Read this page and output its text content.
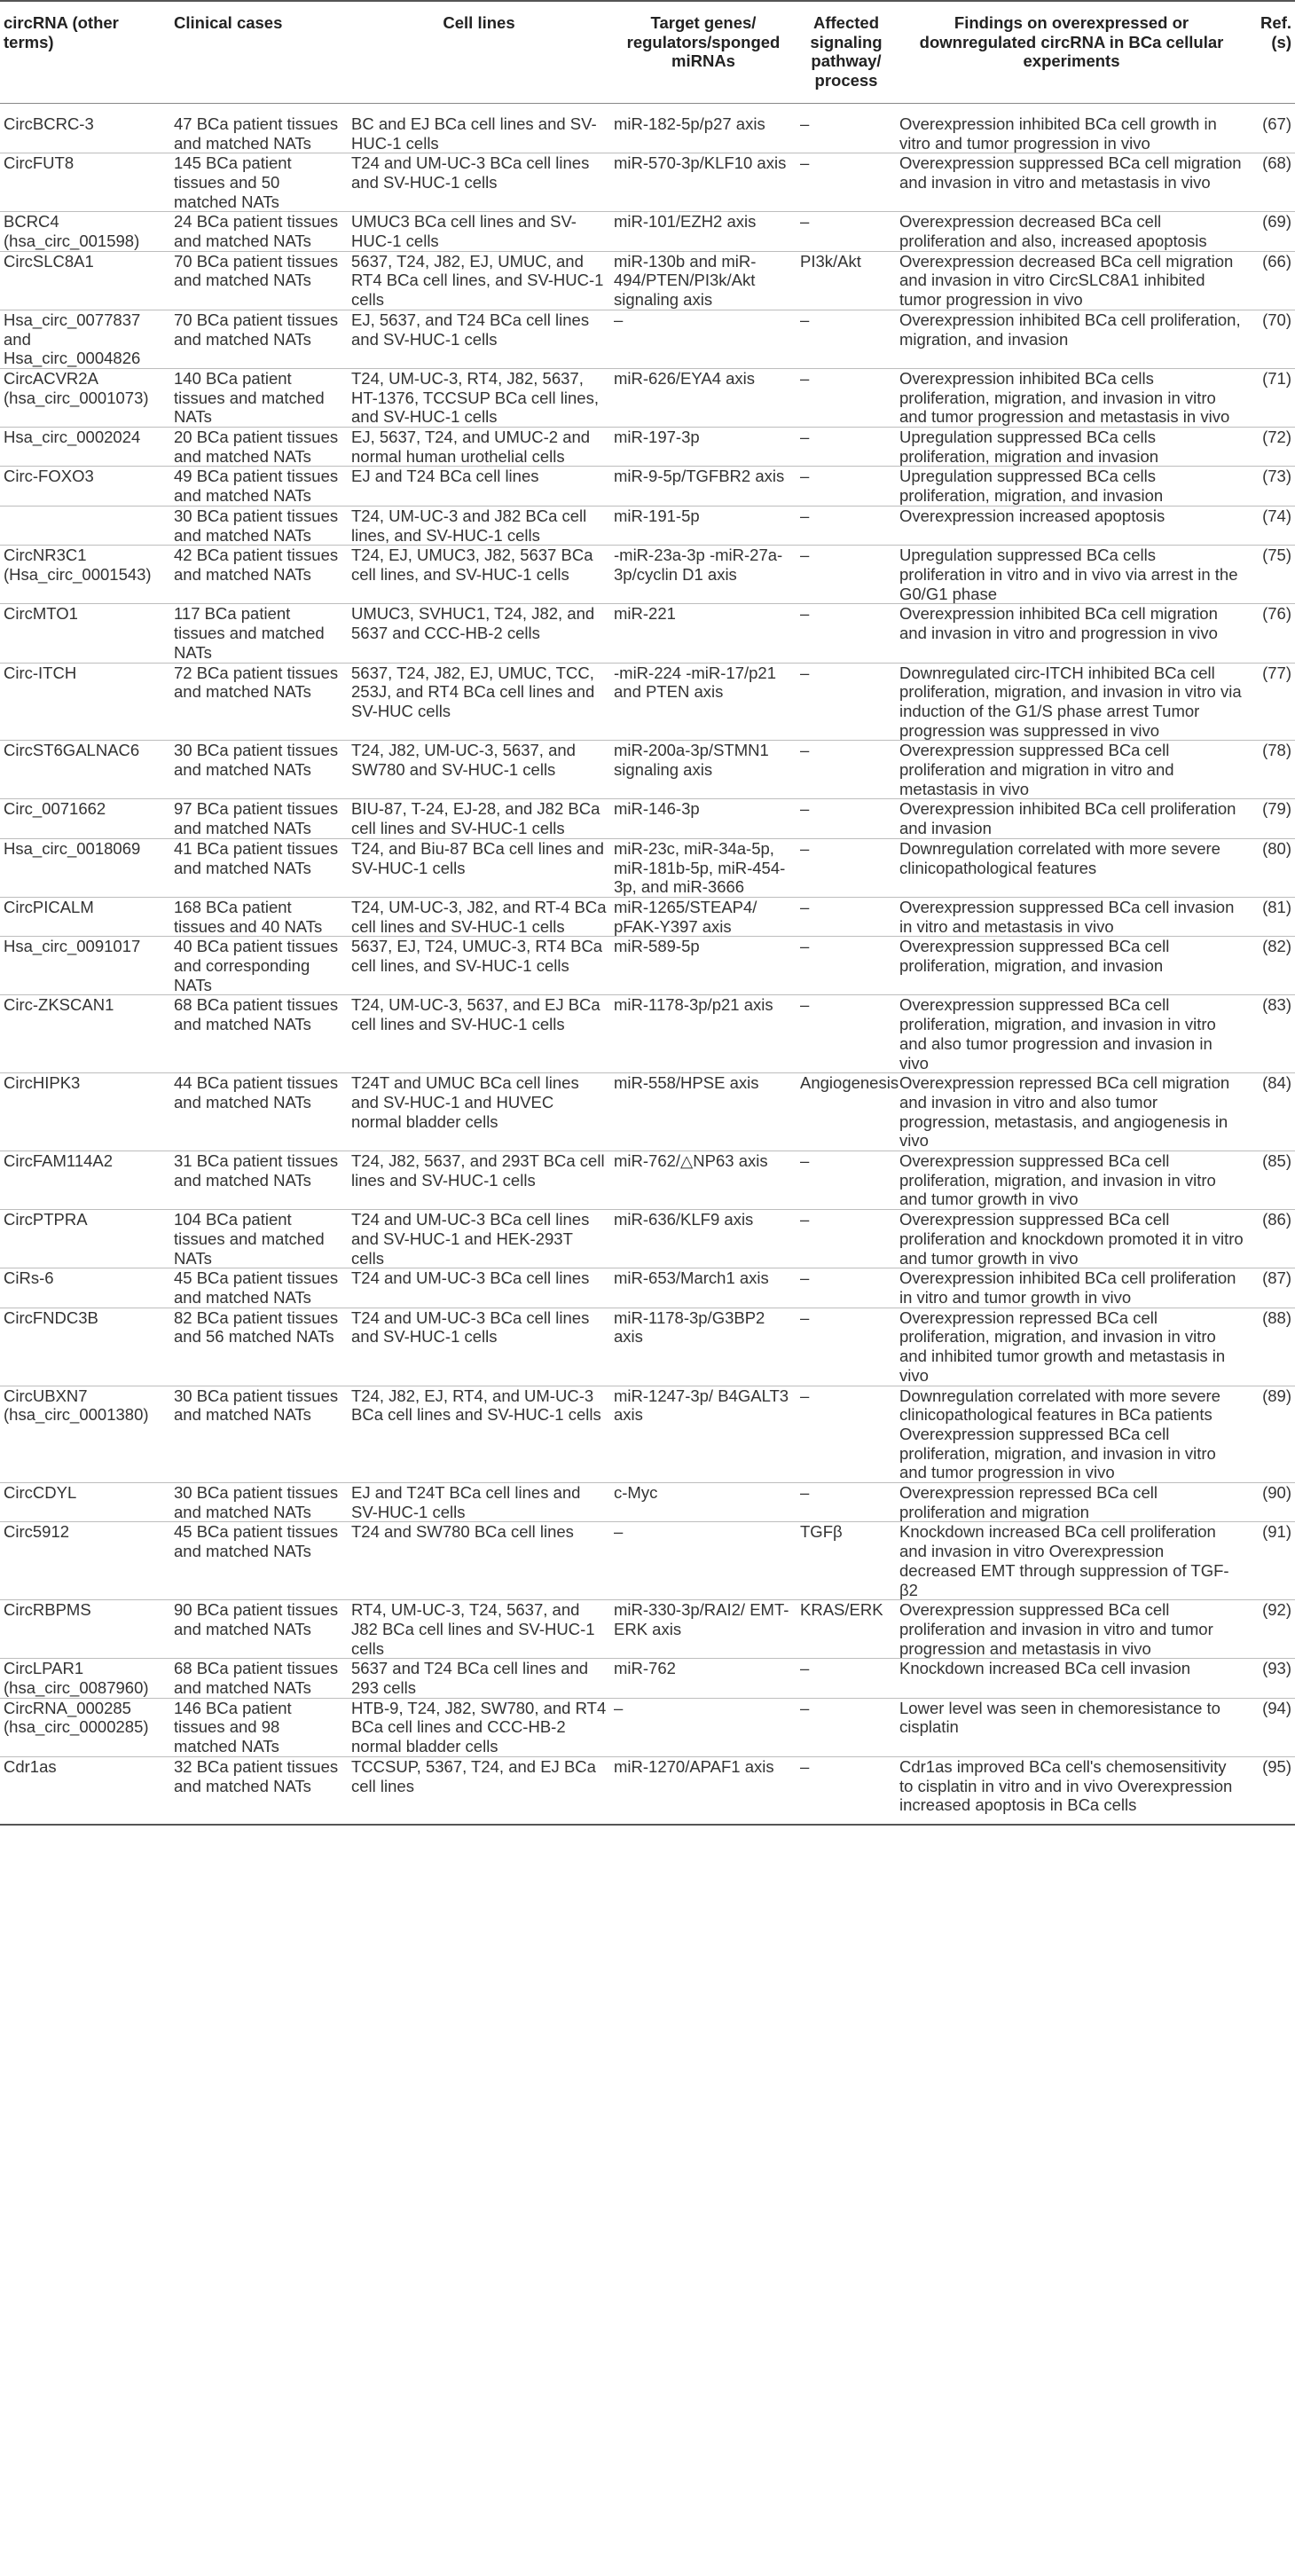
circRNA (other terms)	Clinical cases	Cell lines	Target genes/ regulators/sponged miRNAs	Affected signaling pathway/ process	Findings on overexpressed or downregulated circRNA in BCa cellular experiments	Ref. (s)
CircBCRC-3	47 BCa patient tissues and matched NATs	BC and EJ BCa cell lines and SV-HUC-1 cells	miR-182-5p/p27 axis	–	Overexpression inhibited BCa cell growth in vitro and tumor progression in vivo	(67)
CircFUT8	145 BCa patient tissues and 50 matched NATs	T24 and UM-UC-3 BCa cell lines and SV-HUC-1 cells	miR-570-3p/KLF10 axis	–	Overexpression suppressed BCa cell migration and invasion in vitro and metastasis in vivo	(68)
BCRC4 (hsa_circ_001598)	24 BCa patient tissues and matched NATs	UMUC3 BCa cell lines and SV-HUC-1 cells	miR-101/EZH2 axis	–	Overexpression decreased BCa cell proliferation and also, increased apoptosis	(69)
CircSLC8A1	70 BCa patient tissues and matched NATs	5637, T24, J82, EJ, UMUC, and RT4 BCa cell lines, and SV-HUC-1 cells	miR-130b and miR-494/PTEN/PI3k/Akt signaling axis	PI3k/Akt	Overexpression decreased BCa cell migration and invasion in vitro CircSLC8A1 inhibited tumor progression in vivo	(66)
Hsa_circ_0077837 and Hsa_circ_0004826	70 BCa patient tissues and matched NATs	EJ, 5637, and T24 BCa cell lines and SV-HUC-1 cells	–	–	Overexpression inhibited BCa cell proliferation, migration, and invasion	(70)
CircACVR2A (hsa_circ_0001073)	140 BCa patient tissues and matched NATs	T24, UM-UC-3, RT4, J82, 5637, HT-1376, TCCSUP BCa cell lines, and SV-HUC-1 cells	miR-626/EYA4 axis	–	Overexpression inhibited BCa cells proliferation, migration, and invasion in vitro and tumor progression and metastasis in vivo	(71)
Hsa_circ_0002024	20 BCa patient tissues and matched NATs	EJ, 5637, T24, and UMUC-2 and normal human urothelial cells	miR-197-3p	–	Upregulation suppressed BCa cells proliferation, migration and invasion	(72)
Circ-FOXO3	49 BCa patient tissues and matched NATs	EJ and T24 BCa cell lines	miR-9-5p/TGFBR2 axis	–	Upregulation suppressed BCa cells proliferation, migration, and invasion	(73)
	30 BCa patient tissues and matched NATs	T24, UM-UC-3 and J82 BCa cell lines, and SV-HUC-1 cells	miR-191-5p	–	Overexpression increased apoptosis	(74)
CircNR3C1 (Hsa_circ_0001543)	42 BCa patient tissues and matched NATs	T24, EJ, UMUC3, J82, 5637 BCa cell lines, and SV-HUC-1 cells	-miR-23a-3p -miR-27a-3p/cyclin D1 axis	–	Upregulation suppressed BCa cells proliferation in vitro and in vivo via arrest in the G0/G1 phase	(75)
CircMTO1	117 BCa patient tissues and matched NATs	UMUC3, SVHUC1, T24, J82, and 5637 and CCC-HB-2 cells	miR-221	–	Overexpression inhibited BCa cell migration and invasion in vitro and progression in vivo	(76)
Circ-ITCH	72 BCa patient tissues and matched NATs	5637, T24, J82, EJ, UMUC, TCC, 253J, and RT4 BCa cell lines and SV-HUC cells	-miR-224 -miR-17/p21 and PTEN axis	–	Downregulated circ-ITCH inhibited BCa cell proliferation, migration, and invasion in vitro via induction of the G1/S phase arrest Tumor progression was suppressed in vivo	(77)
CircST6GALNAC6	30 BCa patient tissues and matched NATs	T24, J82, UM-UC-3, 5637, and SW780 and SV-HUC-1 cells	miR-200a-3p/STMN1 signaling axis	–	Overexpression suppressed BCa cell proliferation and migration in vitro and metastasis in vivo	(78)
Circ_0071662	97 BCa patient tissues and matched NATs	BIU-87, T-24, EJ-28, and J82 BCa cell lines and SV-HUC-1 cells	miR-146-3p	–	Overexpression inhibited BCa cell proliferation and invasion	(79)
Hsa_circ_0018069	41 BCa patient tissues and matched NATs	T24, and Biu-87 BCa cell lines and SV-HUC-1 cells	miR-23c, miR-34a-5p, miR-181b-5p, miR-454-3p, and miR-3666	–	Downregulation correlated with more severe clinicopathological features	(80)
CircPICALM	168 BCa patient tissues and 40 NATs	T24, UM-UC-3, J82, and RT-4 BCa cell lines and SV-HUC-1 cells	miR-1265/STEAP4/ pFAK-Y397 axis	–	Overexpression suppressed BCa cell invasion in vitro and metastasis in vivo	(81)
Hsa_circ_0091017	40 BCa patient tissues and corresponding NATs	5637, EJ, T24, UMUC-3, RT4 BCa cell lines, and SV-HUC-1 cells	miR-589-5p	–	Overexpression suppressed BCa cell proliferation, migration, and invasion	(82)
Circ-ZKSCAN1	68 BCa patient tissues and matched NATs	T24, UM-UC-3, 5637, and EJ BCa cell lines and SV-HUC-1 cells	miR-1178-3p/p21 axis	–	Overexpression suppressed BCa cell proliferation, migration, and invasion in vitro and also tumor progression and invasion in vivo	(83)
CircHIPK3	44 BCa patient tissues and matched NATs	T24T and UMUC BCa cell lines and SV-HUC-1 and HUVEC normal bladder cells	miR-558/HPSE axis	Angiogenesis	Overexpression repressed BCa cell migration and invasion in vitro and also tumor progression, metastasis, and angiogenesis in vivo	(84)
CircFAM114A2	31 BCa patient tissues and matched NATs	T24, J82, 5637, and 293T BCa cell lines and SV-HUC-1 cells	miR-762/△NP63 axis	–	Overexpression suppressed BCa cell proliferation, migration, and invasion in vitro and tumor growth in vivo	(85)
CircPTPRA	104 BCa patient tissues and matched NATs	T24 and UM-UC-3 BCa cell lines and SV-HUC-1 and HEK-293T cells	miR-636/KLF9 axis	–	Overexpression suppressed BCa cell proliferation and knockdown promoted it in vitro and tumor growth in vivo	(86)
CiRs-6	45 BCa patient tissues and matched NATs	T24 and UM-UC-3 BCa cell lines	miR-653/March1 axis	–	Overexpression inhibited BCa cell proliferation in vitro and tumor growth in vivo	(87)
CircFNDC3B	82 BCa patient tissues and 56 matched NATs	T24 and UM-UC-3 BCa cell lines and SV-HUC-1 cells	miR-1178-3p/G3BP2 axis	–	Overexpression repressed BCa cell proliferation, migration, and invasion in vitro and inhibited tumor growth and metastasis in vivo	(88)
CircUBXN7 (hsa_circ_0001380)	30 BCa patient tissues and matched NATs	T24, J82, EJ, RT4, and UM-UC-3 BCa cell lines and SV-HUC-1 cells	miR-1247-3p/ B4GALT3 axis	–	Downregulation correlated with more severe clinicopathological features in BCa patients Overexpression suppressed BCa cell proliferation, migration, and invasion in vitro and tumor progression in vivo	(89)
CircCDYL	30 BCa patient tissues and matched NATs	EJ and T24T BCa cell lines and SV-HUC-1 cells	c-Myc	–	Overexpression repressed BCa cell proliferation and migration	(90)
Circ5912	45 BCa patient tissues and matched NATs	T24 and SW780 BCa cell lines	–	TGFβ	Knockdown increased BCa cell proliferation and invasion in vitro Overexpression decreased EMT through suppression of TGF-β2	(91)
CircRBPMS	90 BCa patient tissues and matched NATs	RT4, UM-UC-3, T24, 5637, and J82 BCa cell lines and SV-HUC-1 cells	miR-330-3p/RAI2/ EMT-ERK axis	KRAS/ERK	Overexpression suppressed BCa cell proliferation and invasion in vitro and tumor progression and metastasis in vivo	(92)
CircLPAR1 (hsa_circ_0087960)	68 BCa patient tissues and matched NATs	5637 and T24 BCa cell lines and 293 cells	miR-762	–	Knockdown increased BCa cell invasion	(93)
CircRNA_000285 (hsa_circ_0000285)	146 BCa patient tissues and 98 matched NATs	HTB-9, T24, J82, SW780, and RT4 BCa cell lines and CCC-HB-2 normal bladder cells	–	–	Lower level was seen in chemoresistance to cisplatin	(94)
Cdr1as	32 BCa patient tissues and matched NATs	TCCSUP, 5367, T24, and EJ BCa cell lines	miR-1270/APAF1 axis	–	Cdr1as improved BCa cell's chemosensitivity to cisplatin in vitro and in vivo Overexpression increased apoptosis in BCa cells	(95)
